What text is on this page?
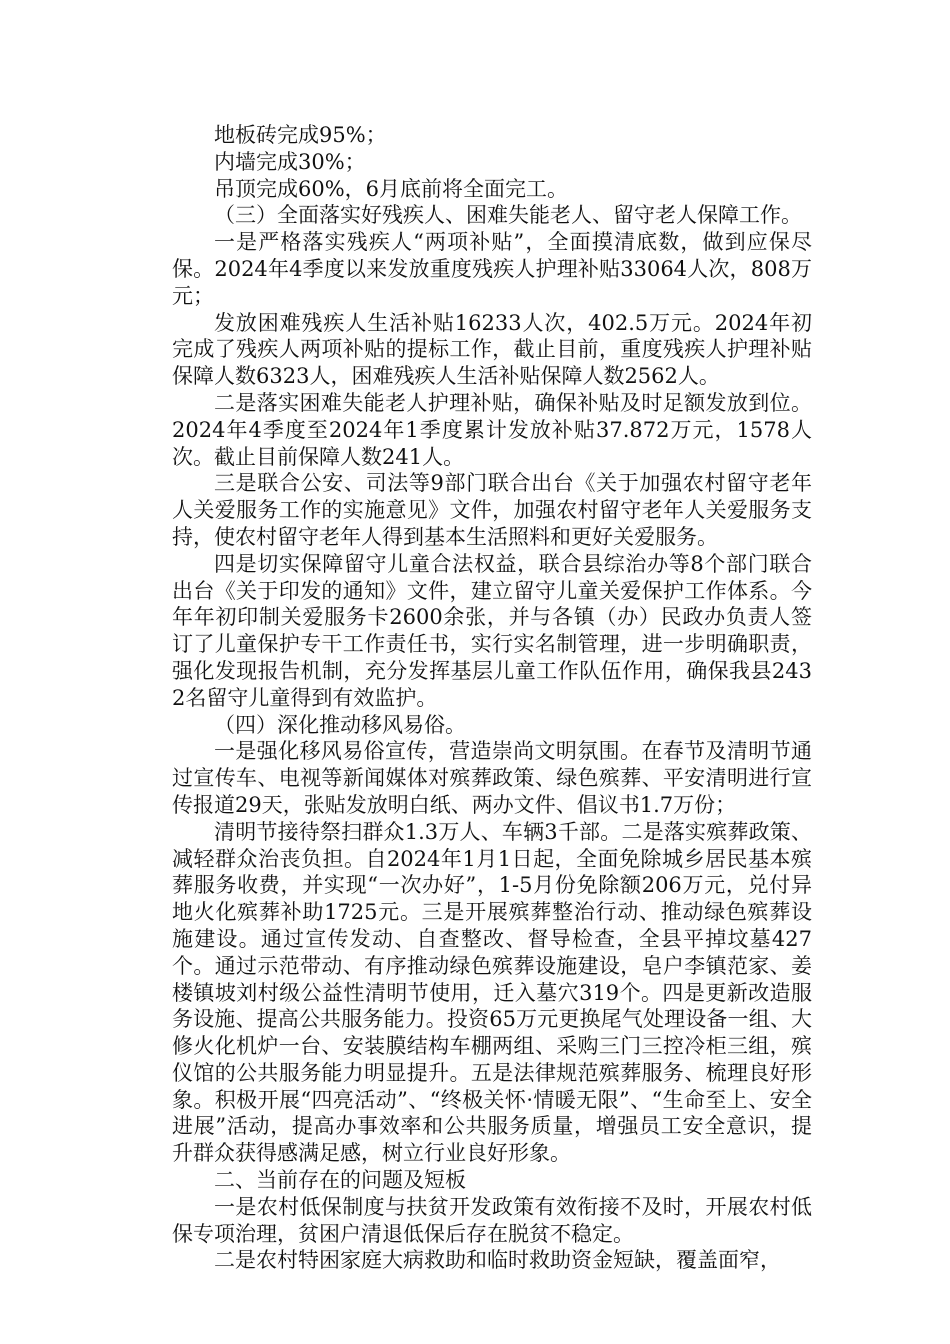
地板砖完成95%；

内墙完成30%；

吊顶完成60%，6月底前将全面完工。

（三）全面落实好残疾人、困难失能老人、留守老人保障工作。

一是严格落实残疾人“两项补贴”，全面摸清底数，做到应保尽保。2024年4季度以来发放重度残疾人护理补贴33064人次，808万元；

发放困难残疾人生活补贴16233人次，402.5万元。2024年初完成了残疾人两项补贴的提标工作，截止目前，重度残疾人护理补贴保障人数6323人，困难残疾人生活补贴保障人数2562人。

二是落实困难失能老人护理补贴，确保补贴及时足额发放到位。2024年4季度至2024年1季度累计发放补贴37.872万元，1578人次。截止目前保障人数241人。

三是联合公安、司法等9部门联合出台《关于加强农村留守老年人关爱服务工作的实施意见》文件，加强农村留守老年人关爱服务支持，使农村留守老年人得到基本生活照料和更好关爱服务。

四是切实保障留守儿童合法权益，联合县综治办等8个部门联合出台《关于印发的通知》文件，建立留守儿童关爱保护工作体系。今年年初印制关爱服务卡2600余张，并与各镇（办）民政办负责人签订了儿童保护专干工作责任书，实行实名制管理，进一步明确职责，强化发现报告机制，充分发挥基层儿童工作队伍作用，确保我县2432名留守儿童得到有效监护。

（四）深化推动移风易俗。

一是强化移风易俗宣传，营造崇尚文明氛围。在春节及清明节通过宣传车、电视等新闻媒体对殡葬政策、绿色殡葬、平安清明进行宣传报道29天，张贴发放明白纸、两办文件、倡议书1.7万份；

清明节接待祭扫群众1.3万人、车辆3千部。二是落实殡葬政策、减轻群众治丧负担。自2024年1月1日起，全面免除城乡居民基本殡葬服务收费，并实现“一次办好”，1-5月份免除额206万元，兑付异地火化殡葬补助1725元。三是开展殡葬整治行动、推动绿色殡葬设施建设。通过宣传发动、自查整改、督导检查，全县平掉坟墓427个。通过示范带动、有序推动绿色殡葬设施建设，皂户李镇范家、姜楼镇坡刘村级公益性清明节使用，迁入墓穴319个。四是更新改造服务设施、提高公共服务能力。投资65万元更换尾气处理设备一组、大修火化机炉一台、安装膜结构车棚两组、采购三门三控冷柜三组，殡仪馆的公共服务能力明显提升。五是法律规范殡葬服务、梳理良好形象。积极开展“四亮活动”、“终极关怀·情暖无限”、“生命至上、安全进展”活动，提高办事效率和公共服务质量，增强员工安全意识，提升群众获得感满足感，树立行业良好形象。

二、当前存在的问题及短板

一是农村低保制度与扶贫开发政策有效衔接不及时，开展农村低保专项治理，贫困户清退低保后存在脱贫不稳定。

二是农村特困家庭大病救助和临时救助资金短缺，覆盖面窄，
